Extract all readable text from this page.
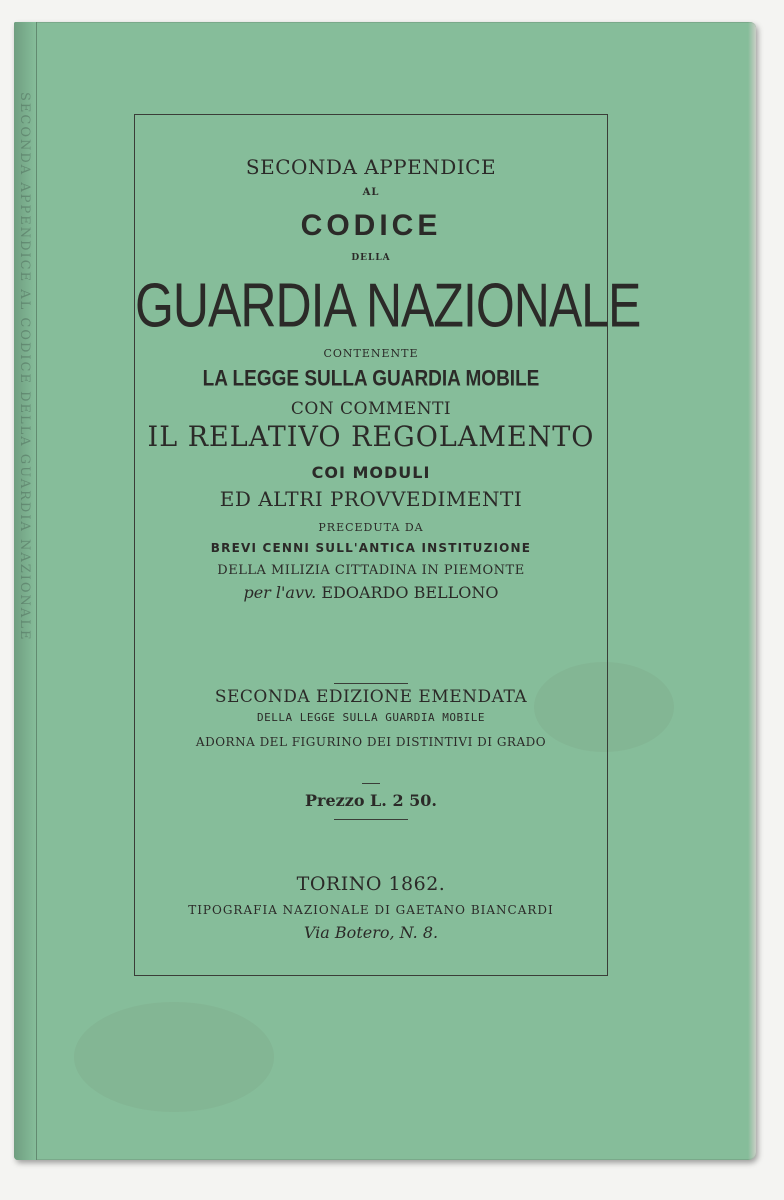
SECONDA APPENDICE AL CODICE DELLA GUARDIA NAZIONALE	SECONDA APPENDICE
AL
CODICE
DELLA
GUARDIA NAZIONALE
CONTENENTE
LA LEGGE SULLA GUARDIA MOBILE
CON COMMENTI
IL RELATIVO REGOLAMENTO
COI MODULI
ED ALTRI PROVVEDIMENTI
PRECEDUTA DA
BREVI CENNI SULL'ANTICA INSTITUZIONE
DELLA MILIZIA CITTADINA IN PIEMONTE
per l'avv. EDOARDO BELLONO
SECONDA EDIZIONE EMENDATA
DELLA LEGGE SULLA GUARDIA MOBILE
ADORNA DEL FIGURINO DEI DISTINTIVI DI GRADO
Prezzo L. 2 50.
TORINO 1862.
TIPOGRAFIA NAZIONALE DI GAETANO BIANCARDI
Via Botero, N. 8.
